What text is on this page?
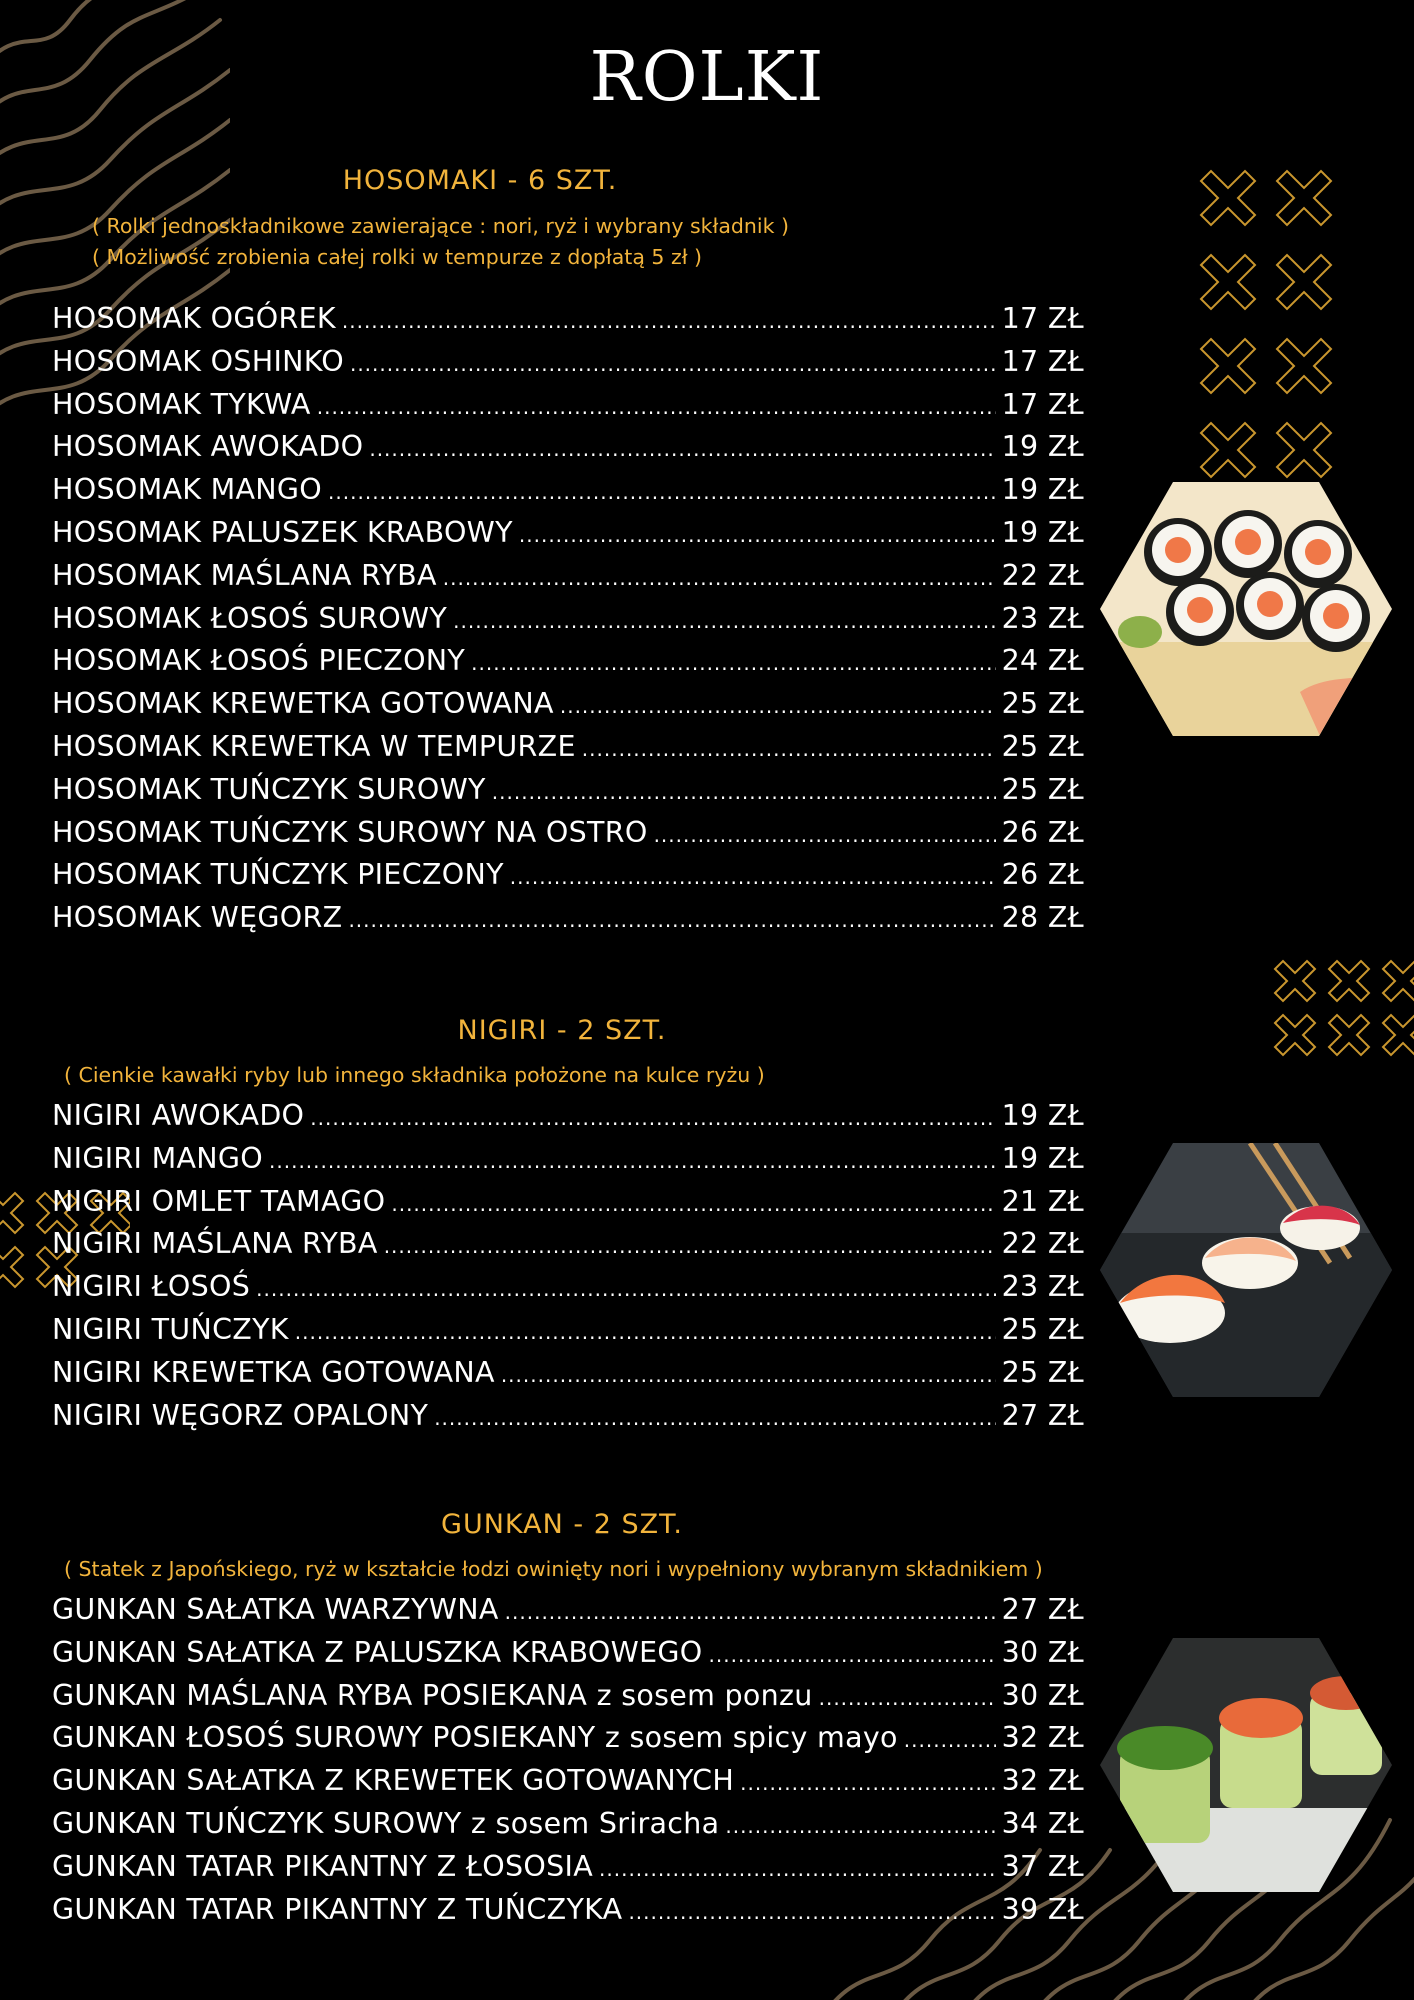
ROLKI
HOSOMAKI - 6 SZT.
( Rolki jednoskładnikowe zawierające : nori, ryż i wybrany składnik )
( Możliwość zrobienia całej rolki w tempurze z dopłatą 5 zł )
HOSOMAK OGÓREK .....	17 ZŁ
HOSOMAK OSHINKO .....	17 ZŁ
HOSOMAK TYKWA .....	17 ZŁ
HOSOMAK AWOKADO .....	19 ZŁ
HOSOMAK MANGO .....	19 ZŁ
HOSOMAK PALUSZEK KRABOWY .....	19 ZŁ
HOSOMAK MAŚLANA RYBA .....	22 ZŁ
HOSOMAK ŁOSOŚ SUROWY .....	23 ZŁ
HOSOMAK ŁOSOŚ PIECZONY .....	24 ZŁ
HOSOMAK KREWETKA GOTOWANA .....	25 ZŁ
HOSOMAK KREWETKA W TEMPURZE .....	25 ZŁ
HOSOMAK TUŃCZYK SUROWY .....	25 ZŁ
HOSOMAK TUŃCZYK SUROWY NA OSTRO .....	26 ZŁ
HOSOMAK TUŃCZYK PIECZONY .....	26 ZŁ
HOSOMAK WĘGORZ .....	28 ZŁ
NIGIRI - 2 SZT.
( Cienkie kawałki ryby lub innego składnika położone na kulce ryżu )
NIGIRI AWOKADO .....	19 ZŁ
NIGIRI MANGO .....	19 ZŁ
NIGIRI OMLET TAMAGO .....	21 ZŁ
NIGIRI MAŚLANA RYBA .....	22 ZŁ
NIGIRI ŁOSOŚ .....	23 ZŁ
NIGIRI TUŃCZYK .....	25 ZŁ
NIGIRI KREWETKA GOTOWANA .....	25 ZŁ
NIGIRI WĘGORZ OPALONY .....	27 ZŁ
GUNKAN - 2 SZT.
( Statek z Japońskiego, ryż w kształcie łodzi owinięty nori i wypełniony wybranym składnikiem )
GUNKAN SAŁATKA WARZYWNA .....	27 ZŁ
GUNKAN SAŁATKA Z PALUSZKA KRABOWEGO .....	30 ZŁ
GUNKAN MAŚLANA RYBA POSIEKANA z sosem ponzu .....	30 ZŁ
GUNKAN ŁOSOŚ SUROWY POSIEKANY z sosem spicy mayo .....	32 ZŁ
GUNKAN SAŁATKA Z KREWETEK GOTOWANYCH .....	32 ZŁ
GUNKAN TUŃCZYK SUROWY z sosem Sriracha .....	34 ZŁ
GUNKAN TATAR PIKANTNY Z ŁOSOSIA .....	37 ZŁ
GUNKAN TATAR PIKANTNY Z TUŃCZYKA .....	39 ZŁ
